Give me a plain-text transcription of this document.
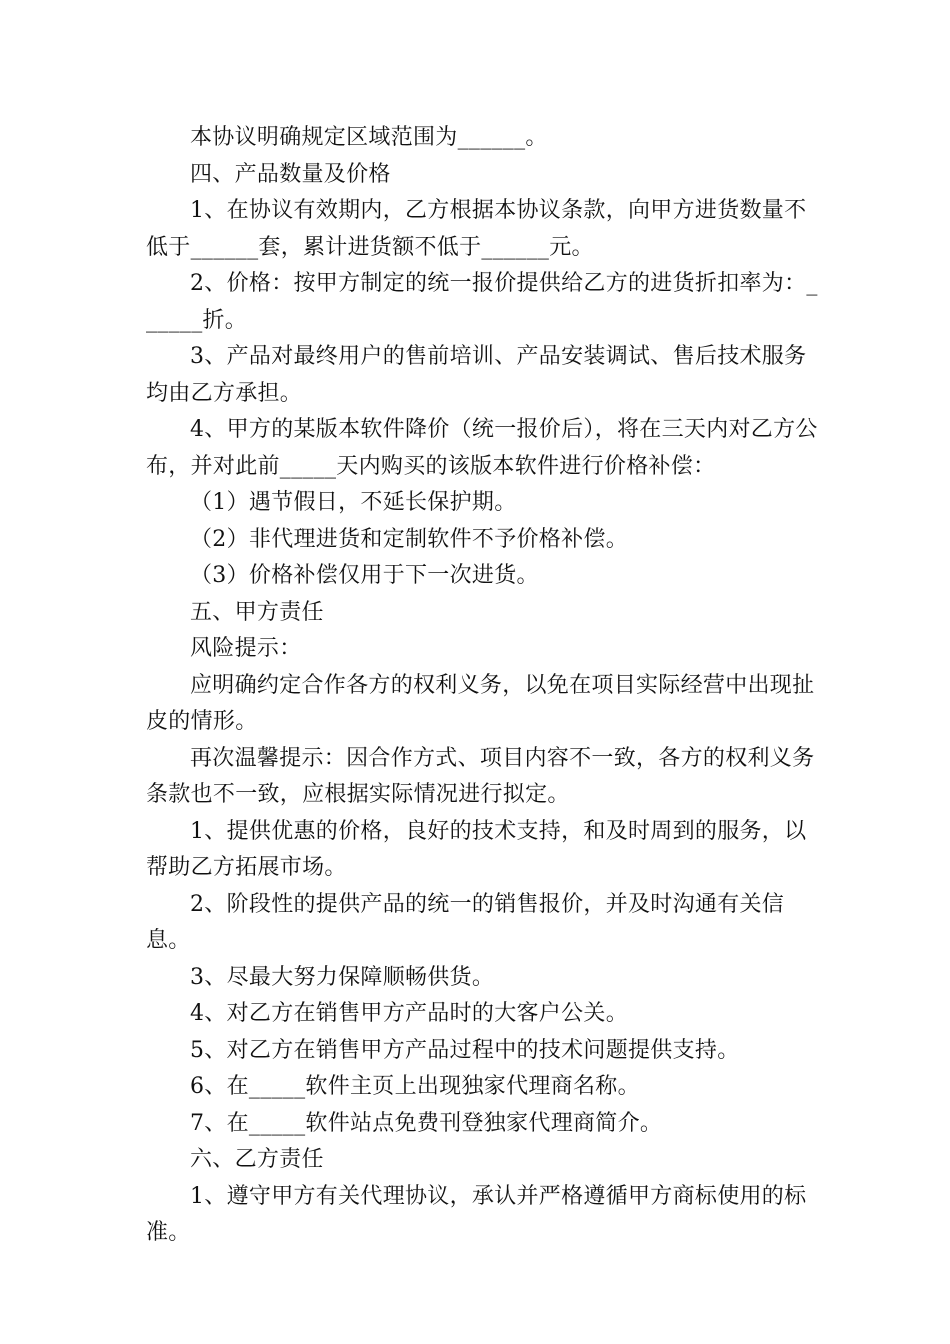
本协议明确规定区域范围为______。

四、产品数量及价格

1、在协议有效期内，乙方根据本协议条款，向甲方进货数量不低于______套，累计进货额不低于______元。

2、价格：按甲方制定的统一报价提供给乙方的进货折扣率为：______折。

3、产品对最终用户的售前培训、产品安装调试、售后技术服务均由乙方承担。

4、甲方的某版本软件降价（统一报价后），将在三天内对乙方公布，并对此前_____天内购买的该版本软件进行价格补偿：

（1）遇节假日，不延长保护期。

（2）非代理进货和定制软件不予价格补偿。

（3）价格补偿仅用于下一次进货。

五、甲方责任

风险提示：

应明确约定合作各方的权利义务，以免在项目实际经营中出现扯皮的情形。

再次温馨提示：因合作方式、项目内容不一致，各方的权利义务条款也不一致，应根据实际情况进行拟定。

1、提供优惠的价格，良好的技术支持，和及时周到的服务，以帮助乙方拓展市场。

2、阶段性的提供产品的统一的销售报价，并及时沟通有关信息。

3、尽最大努力保障顺畅供货。

4、对乙方在销售甲方产品时的大客户公关。

5、对乙方在销售甲方产品过程中的技术问题提供支持。

6、在_____软件主页上出现独家代理商名称。

7、在_____软件站点免费刊登独家代理商简介。

六、乙方责任

1、遵守甲方有关代理协议，承认并严格遵循甲方商标使用的标准。
